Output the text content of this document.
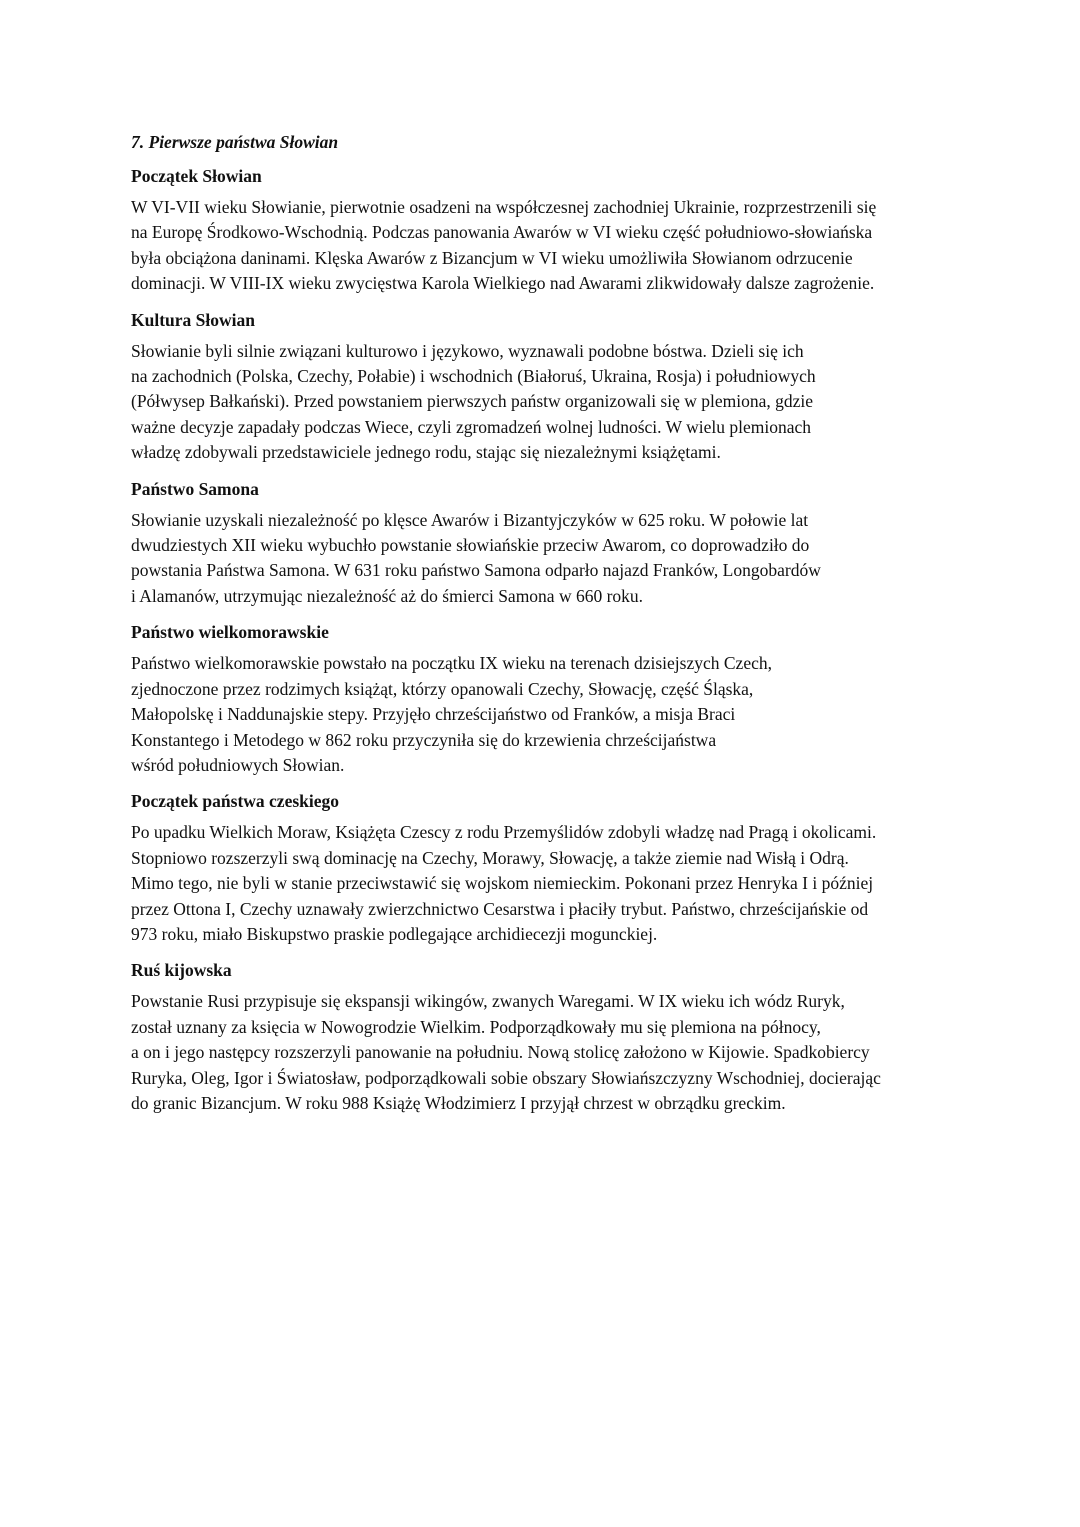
7. Pierwsze państwa Słowian
Początek Słowian
W VI-VII wieku Słowianie, pierwotnie osadzeni na współczesnej zachodniej Ukrainie, rozprzestrzenili się
na Europę Środkowo-Wschodnią. Podczas panowania Awarów w VI wieku część południowo-słowiańska
była obciążona daninami. Klęska Awarów z Bizancjum w VI wieku umożliwiła Słowianom odrzucenie
dominacji. W VIII-IX wieku zwycięstwa Karola Wielkiego nad Awarami zlikwidowały dalsze zagrożenie.
Kultura Słowian
Słowianie byli silnie związani kulturowo i językowo, wyznawali podobne bóstwa. Dzieli się ich
na zachodnich (Polska, Czechy, Połabie) i wschodnich (Białoruś, Ukraina, Rosja) i południowych
(Półwysep Bałkański). Przed powstaniem pierwszych państw organizowali się w plemiona, gdzie
ważne decyzje zapadały podczas Wiece, czyli zgromadzeń wolnej ludności. W wielu plemionach
władzę zdobywali przedstawiciele jednego rodu, stając się niezależnymi książętami.
Państwo Samona
Słowianie uzyskali niezależność po klęsce Awarów i Bizantyjczyków w 625 roku. W połowie lat
dwudziestych XII wieku wybuchło powstanie słowiańskie przeciw Awarom, co doprowadziło do
powstania Państwa Samona. W 631 roku państwo Samona odparło najazd Franków, Longobardów
i Alamanów, utrzymując niezależność aż do śmierci Samona w 660 roku.
Państwo wielkomorawskie
Państwo wielkomorawskie powstało na początku IX wieku na terenach dzisiejszych Czech,
zjednoczone przez rodzimych książąt, którzy opanowali Czechy, Słowację, część Śląska,
Małopolskę i Naddunajskie stepy. Przyjęło chrześcijaństwo od Franków, a misja Braci
Konstantego i Metodego w 862 roku przyczyniła się do krzewienia chrześcijaństwa
wśród południowych Słowian.
Początek państwa czeskiego
Po upadku Wielkich Moraw, Książęta Czescy z rodu Przemyślidów zdobyli władzę nad Pragą i okolicami.
Stopniowo rozszerzyli swą dominację na Czechy, Morawy, Słowację, a także ziemie nad Wisłą i Odrą.
Mimo tego, nie byli w stanie przeciwstawić się wojskom niemieckim. Pokonani przez Henryka I i później
przez Ottona I, Czechy uznawały zwierzchnictwo Cesarstwa i płaciły trybut. Państwo, chrześcijańskie od
973 roku, miało Biskupstwo praskie podlegające archidiecezji mogunckiej.
Ruś kijowska
Powstanie Rusi przypisuje się ekspansji wikingów, zwanych Waregami. W IX wieku ich wódz Ruryk,
został uznany za księcia w Nowogrodzie Wielkim. Podporządkowały mu się plemiona na północy,
a on i jego następcy rozszerzyli panowanie na południu. Nową stolicę założono w Kijowie. Spadkobiercy
Ruryka, Oleg, Igor i Światosław, podporządkowali sobie obszary Słowiańszczyzny Wschodniej, docierając
do granic Bizancjum. W roku 988 Książę Włodzimierz I przyjął chrzest w obrządku greckim.
